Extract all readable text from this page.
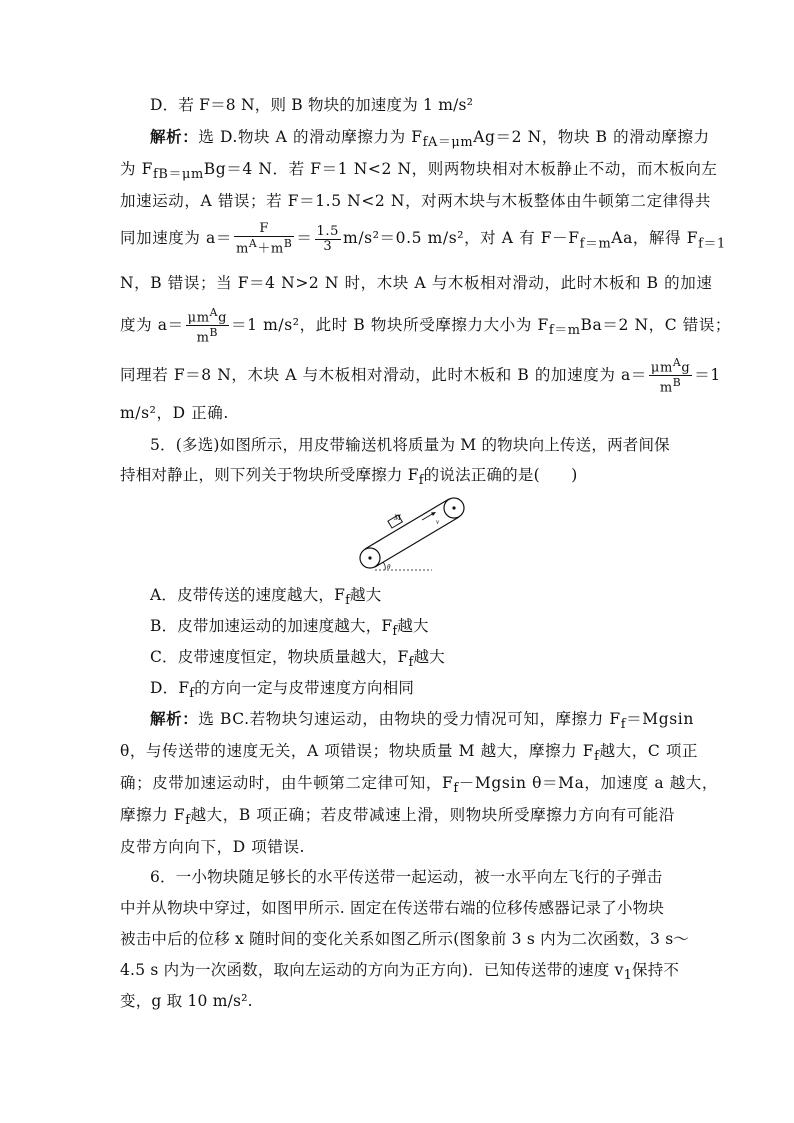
D．若 F＝8 N，则 B 物块的加速度为 1 m/s²
解析：选 D.物块 A 的滑动摩擦力为 $F_{fA=\mu m}Ag=2$ N，物块 B 的滑动摩擦力
为 $F_{fB=\mu m}Bg=4$ N．若 F＝1 N<2 N，则两物块相对木板静止不动，而木板向左
加速运动，A 错误；若 F＝1.5 N<2 N，对两木块与木板整体由牛顿第二定律得共
同加速度为 $a= \frac{F}{m^A+m^B} = \frac{1.5}{3} m/s^2=0.5$ m/s²，对 A 有 $F-F_{f=m}Aa$，解得 $F_{f=1}$
N，B 错误；当 F＝4 N>2 N 时，木块 A 与木板相对滑动，此时木板和 B 的加速
度为 $a= \frac{\mu m^Ag}{m^B} =1$ m/s²，此时 B 物块所受摩擦力大小为 $F_{f=m}Ba=2$ N，C 错误；
同理若 F＝8 N，木块 A 与木板相对滑动，此时木板和 B 的加速度为 $a= \frac{\mu m^Ag}{m^B} =1$
m/s²，D 正确.
5．(多选)如图所示，用皮带输送机将质量为 M 的物块向上传送，两者间保
持相对静止，则下列关于物块所受摩擦力 $F_f$的说法正确的是(　　)
M	v
θ
A．皮带传送的速度越大，$F_f$越大
B．皮带加速运动的加速度越大，$F_f$越大
C．皮带速度恒定，物块质量越大，$F_f$越大
D．$F_f$的方向一定与皮带速度方向相同
解析：选 BC.若物块匀速运动，由物块的受力情况可知，摩擦力 $F_f=Mgsin$
θ，与传送带的速度无关，A 项错误；物块质量 M 越大，摩擦力 $F_f$越大，C 项正
确；皮带加速运动时，由牛顿第二定律可知，$F_f-Mgsin$ θ＝Ma，加速度 a 越大，
摩擦力 $F_f$越大，B 项正确；若皮带减速上滑，则物块所受摩擦力方向有可能沿
皮带方向向下，D 项错误.
6．一小物块随足够长的水平传送带一起运动，被一水平向左飞行的子弹击
中并从物块中穿过，如图甲所示. 固定在传送带右端的位移传感器记录了小物块
被击中后的位移 x 随时间的变化关系如图乙所示(图象前 3 s 内为二次函数，3 s～
4.5 s 内为一次函数，取向左运动的方向为正方向)．已知传送带的速度 $v_1$保持不
变，g 取 10 m/s².
